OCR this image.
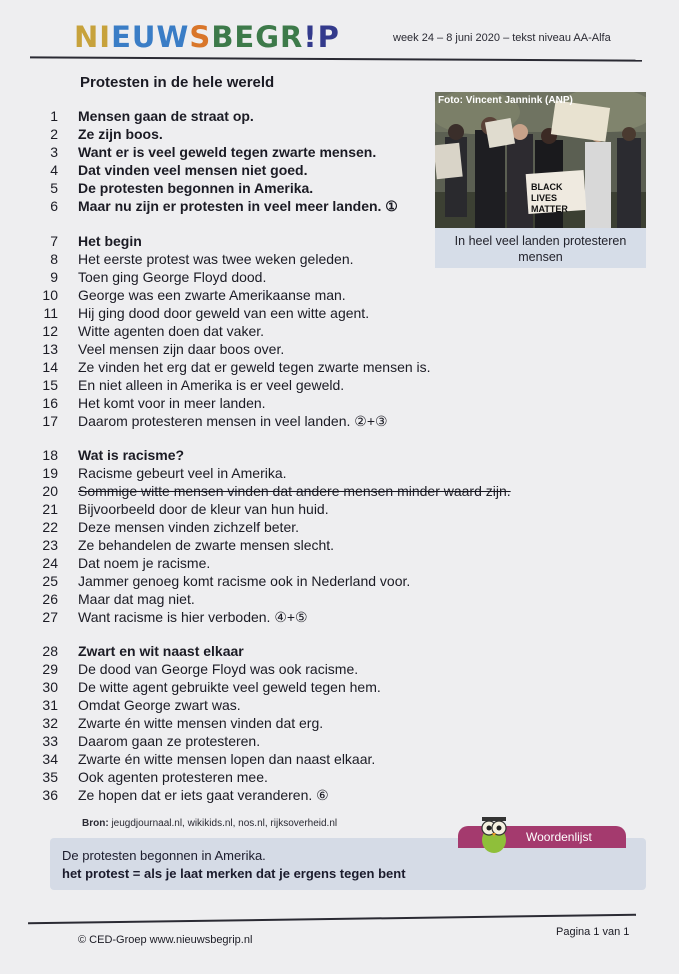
NIEUWSBEGR!P	week 24 – 8 juni 2020 – tekst niveau AA-Alfa
Protesten in de hele wereld
1 Mensen gaan de straat op.
2 Ze zijn boos.
3 Want er is veel geweld tegen zwarte mensen.
4 Dat vinden veel mensen niet goed.
5 De protesten begonnen in Amerika.
6 Maar nu zijn er protesten in veel meer landen. ①
7 Het begin
8 Het eerste protest was twee weken geleden.
9 Toen ging George Floyd dood.
10 George was een zwarte Amerikaanse man.
11 Hij ging dood door geweld van een witte agent.
12 Witte agenten doen dat vaker.
13 Veel mensen zijn daar boos over.
14 Ze vinden het erg dat er geweld tegen zwarte mensen is.
15 En niet alleen in Amerika is er veel geweld.
16 Het komt voor in meer landen.
17 Daarom protesteren mensen in veel landen. ②+③
18 Wat is racisme?
19 Racisme gebeurt veel in Amerika.
20 Sommige witte mensen vinden dat andere mensen minder waard zijn.
21 Bijvoorbeeld door de kleur van hun huid.
22 Deze mensen vinden zichzelf beter.
23 Ze behandelen de zwarte mensen slecht.
24 Dat noem je racisme.
25 Jammer genoeg komt racisme ook in Nederland voor.
26 Maar dat mag niet.
27 Want racisme is hier verboden. ④+⑤
28 Zwart en wit naast elkaar
29 De dood van George Floyd was ook racisme.
30 De witte agent gebruikte veel geweld tegen hem.
31 Omdat George zwart was.
32 Zwarte én witte mensen vinden dat erg.
33 Daarom gaan ze protesteren.
34 Zwarte én witte mensen lopen dan naast elkaar.
35 Ook agenten protesteren mee.
36 Ze hopen dat er iets gaat veranderen. ⑥
Foto: Vincent Jannink (ANP)
BLACK LIVES MATTER
In heel veel landen protesteren mensen
Bron: jeugdjournaal.nl, wikikids.nl, nos.nl, rijksoverheid.nl
Woordenlijst
De protesten begonnen in Amerika.
het protest = als je laat merken dat je ergens tegen bent
© CED-Groep www.nieuwsbegrip.nl
Pagina 1 van 1
